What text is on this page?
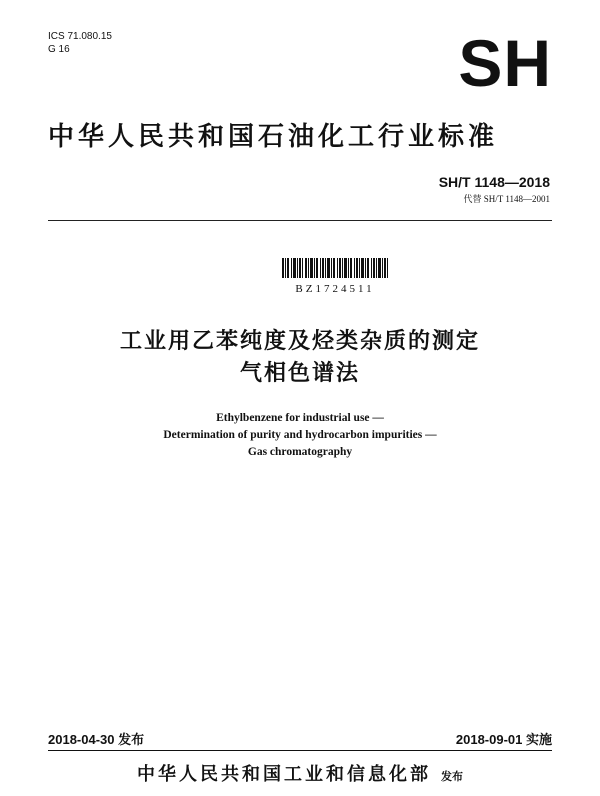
ICS 71.080.15
G 16	SH
中华人民共和国石油化工行业标准
SH/T 1148—2018
代替 SH/T 1148—2001
BZ1724511
工业用乙苯纯度及烃类杂质的测定
气相色谱法
Ethylbenzene for industrial use —
Determination of purity and hydrocarbon impurities —
Gas chromatography
2018-04-30 发布	2018-09-01 实施
中华人民共和国工业和信息化部 发布
